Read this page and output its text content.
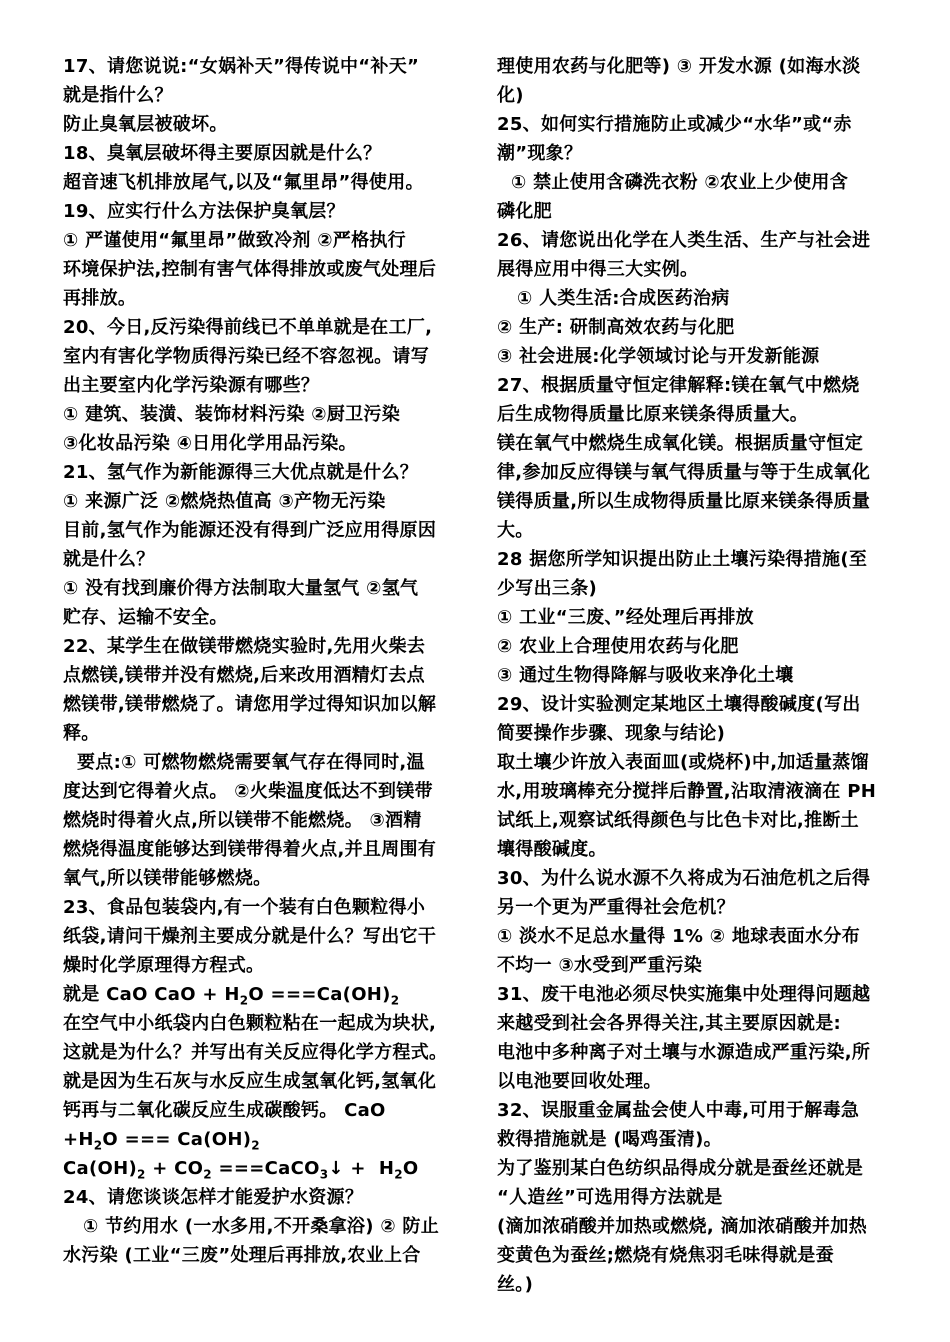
17、请您说说:“女娲补天”得传说中“补天”
就是指什么？
防止臭氧层被破坏。
18、臭氧层破坏得主要原因就是什么？
超音速飞机排放尾气,以及“氟里昂”得使用。
19、应实行什么方法保护臭氧层？
① 严谨使用“氟里昂”做致冷剂 ②严格执行
环境保护法,控制有害气体得排放或废气处理后
再排放。
20、今日,反污染得前线已不单单就是在工厂,
室内有害化学物质得污染已经不容忽视。请写
出主要室内化学污染源有哪些？
① 建筑、装潢、装饰材料污染 ②厨卫污染
③化妆品污染 ④日用化学用品污染。
21、氢气作为新能源得三大优点就是什么？
① 来源广泛 ②燃烧热值高 ③产物无污染
目前,氢气作为能源还没有得到广泛应用得原因
就是什么？
① 没有找到廉价得方法制取大量氢气 ②氢气
贮存、运输不安全。
22、某学生在做镁带燃烧实验时,先用火柴去
点燃镁,镁带并没有燃烧,后来改用酒精灯去点
燃镁带,镁带燃烧了。请您用学过得知识加以解
释。
要点:① 可燃物燃烧需要氧气存在得同时,温
度达到它得着火点。 ②火柴温度低达不到镁带
燃烧时得着火点,所以镁带不能燃烧。 ③酒精
燃烧得温度能够达到镁带得着火点,并且周围有
氧气,所以镁带能够燃烧。
23、食品包装袋内,有一个装有白色颗粒得小
纸袋,请问干燥剂主要成分就是什么？写出它干
燥时化学原理得方程式。
就是 CaO CaO + $H_2O ===Ca(OH)_2$
在空气中小纸袋内白色颗粒粘在一起成为块状,
这就是为什么？并写出有关反应得化学方程式。
就是因为生石灰与水反应生成氢氧化钙,氢氧化
钙再与二氧化碳反应生成碳酸钙。 CaO
$+H_2O$ === $Ca(OH)_2$
$Ca(OH)_2 + CO_2$ ===CaCO$_3$↓ +  $H_2O$
24、请您谈谈怎样才能爱护水资源？
① 节约用水 (一水多用,不开桑拿浴) ② 防止
水污染 (工业“三废”处理后再排放,农业上合
理使用农药与化肥等) ③ 开发水源 (如海水淡
化)
25、如何实行措施防止或减少“水华”或“赤
潮”现象？
① 禁止使用含磷洗衣粉 ②农业上少使用含
磷化肥
26、请您说出化学在人类生活、生产与社会进
展得应用中得三大实例。
① 人类生活:合成医药治病
② 生产: 研制高效农药与化肥
③ 社会进展:化学领域讨论与开发新能源
27、根据质量守恒定律解释:镁在氧气中燃烧
后生成物得质量比原来镁条得质量大。
镁在氧气中燃烧生成氧化镁。根据质量守恒定
律,参加反应得镁与氧气得质量与等于生成氧化
镁得质量,所以生成物得质量比原来镁条得质量
大。
28 据您所学知识提出防止土壤污染得措施(至
少写出三条)
① 工业“三废、”经处理后再排放
② 农业上合理使用农药与化肥
③ 通过生物得降解与吸收来净化土壤
29、设计实验测定某地区土壤得酸碱度(写出
简要操作步骤、现象与结论)
取土壤少许放入表面皿(或烧杯)中,加适量蒸馏
水,用玻璃棒充分搅拌后静置,沾取清液滴在 PH
试纸上,观察试纸得颜色与比色卡对比,推断土
壤得酸碱度。
30、为什么说水源不久将成为石油危机之后得
另一个更为严重得社会危机？
① 淡水不足总水量得 1% ② 地球表面水分布
不均一 ③水受到严重污染
31、废干电池必须尽快实施集中处理得问题越
来越受到社会各界得关注,其主要原因就是:
电池中多种离子对土壤与水源造成严重污染,所
以电池要回收处理。
32、误服重金属盐会使人中毒,可用于解毒急
救得措施就是 (喝鸡蛋清)。
为了鉴别某白色纺织品得成分就是蚕丝还就是
“人造丝”可选用得方法就是
(滴加浓硝酸并加热或燃烧, 滴加浓硝酸并加热
变黄色为蚕丝;燃烧有烧焦羽毛味得就是蚕
丝。)
